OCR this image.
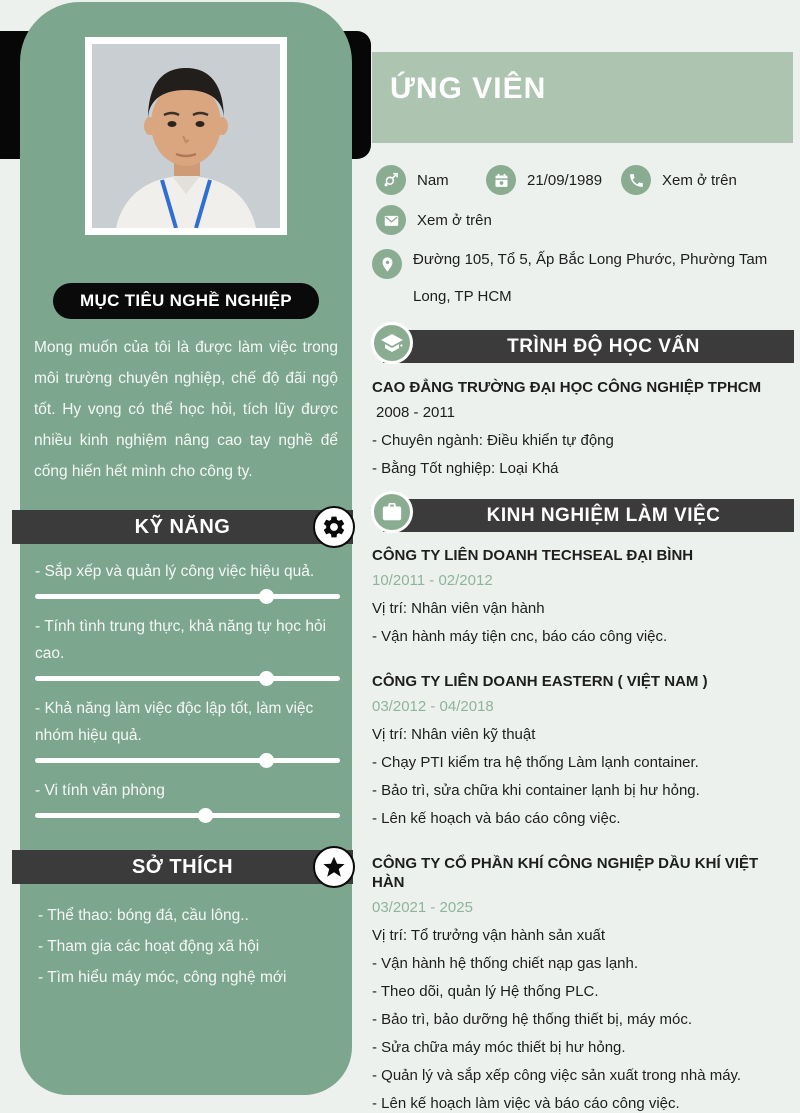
MỤC TIÊU NGHỀ NGHIỆP

Mong muốn của tôi là được làm việc trong môi trường chuyên nghiệp, chế độ đãi ngộ tốt. Hy vọng có thể học hỏi, tích lũy được nhiều kinh nghiệm nâng cao tay nghề để cống hiến hết mình cho công ty.

KỸ NĂNG
- Sắp xếp và quản lý công việc hiệu quả.
- Tính tình trung thực, khả năng tự học hỏi cao.
- Khả năng làm việc độc lập tốt, làm việc nhóm hiệu quả.
- Vi tính văn phòng
SỞ THÍCH
- Thể thao: bóng đá, cầu lông..
- Tham gia các hoạt động xã hội
- Tìm hiểu máy móc, công nghệ mới
ỨNG VIÊN
Nam	21/09/1989	Xem ở trên
Xem ở trên
Đường 105, Tổ 5, Ấp Bắc Long Phước, Phường Tam Long, TP HCM
TRÌNH ĐỘ HỌC VẤN
CAO ĐẲNG TRƯỜNG ĐẠI HỌC CÔNG NGHIỆP TPHCM
2008 - 2011
- Chuyên ngành: Điều khiển tự động
- Bằng Tốt nghiệp: Loại Khá
KINH NGHIỆM LÀM VIỆC
CÔNG TY LIÊN DOANH TECHSEAL ĐẠI BÌNH
10/2011 - 02/2012
Vị trí: Nhân viên vận hành
- Vận hành máy tiện cnc, báo cáo công việc.
CÔNG TY LIÊN DOANH EASTERN ( VIỆT NAM )
03/2012 - 04/2018
Vị trí: Nhân viên kỹ thuật
- Chạy PTI kiểm tra hệ thống Làm lạnh container.
- Bảo trì, sửa chữa khi container lạnh bị hư hỏng.
- Lên kế hoạch và báo cáo công việc.
CÔNG TY CỔ PHẦN KHÍ CÔNG NGHIỆP DẦU KHÍ VIỆT HÀN
03/2021 - 2025
Vị trí: Tổ trưởng vận hành sản xuất
- Vận hành hệ thống chiết nạp gas lạnh.
- Theo dõi, quản lý Hệ thống PLC.
- Bảo trì, bảo dưỡng hệ thống thiết bị, máy móc.
- Sửa chữa máy móc thiết bị hư hỏng.
- Quản lý và sắp xếp công việc sản xuất trong nhà máy.
- Lên kế hoạch làm việc và báo cáo công việc.
